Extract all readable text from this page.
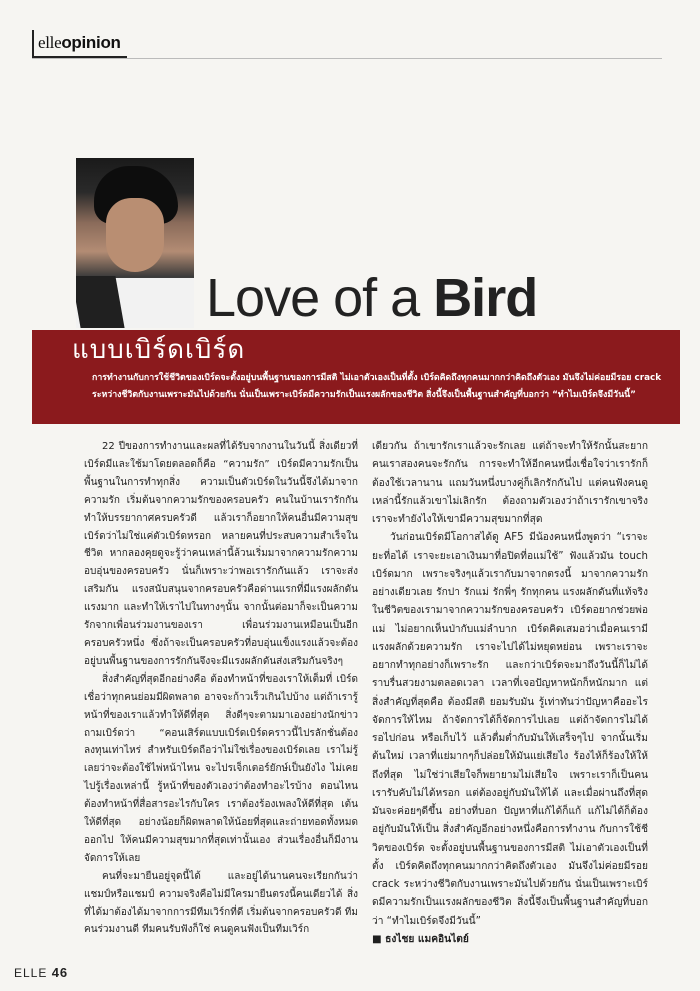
elleopinion
Love of a Bird
แบบเบิร์ดเบิร์ด
การทำงานกับการใช้ชีวิตของเบิร์ดจะตั้งอยู่บนพื้นฐานของการมีสติ ไม่เอาตัวเองเป็นที่ตั้ง เบิร์ดคิดถึงทุกคนมากกว่าคิดถึงตัวเอง มันจึงไม่ค่อยมีรอย crack ระหว่างชีวิตกับงานเพราะมันไปด้วยกัน นั่นเป็นเพราะเบิร์ดมีความรักเป็นแรงผลักของชีวิต สิ่งนี้จึงเป็นพื้นฐานสำคัญที่บอกว่า “ทำไมเบิร์ดจึงมีวันนี้”

22 ปีของการทำงานและผลที่ได้รับจากงานในวันนี้ สิ่งเดียวที่เบิร์ดมีและใช้มาโดยตลอดก็คือ “ความรัก” เบิร์ดมีความรักเป็นพื้นฐานในการทำทุกสิ่ง ความเป็นตัวเบิร์ดในวันนี้จึงได้มาจากความรัก เริ่มต้นจากความรักของครอบครัว คนในบ้านเรารักกันทำให้บรรยากาศครบครัวดี แล้วเราก็อยากให้คนอื่นมีความสุข เบิร์ดว่าไม่ใช่แค่ตัวเบิร์ดหรอก หลายคนที่ประสบความสำเร็จในชีวิต หากลองคุยดูจะรู้ว่าคนเหล่านี้ล้วนเริ่มมาจากความรักความอบอุ่นของครอบครัว นั่นก็เพราะว่าพอเรารักกันแล้ว เราจะส่งเสริมกัน แรงสนับสนุนจากครอบครัวคือด่านแรกที่มีแรงผลักดันแรงมาก และทำให้เราไปในทางๆนั้น จากนั้นต่อมาก็จะเป็นความรักจากเพื่อนร่วมงานของเรา เพื่อนร่วมงานเหมือนเป็นอีกครอบครัวหนึ่ง ซึ่งถ้าจะเป็นครอบครัวที่อบอุ่นแข็งแรงแล้วจะต้องอยู่บนพื้นฐานของการรักกันจึงจะมีแรงผลักดันส่งเสริมกันจริงๆ

สิ่งสำคัญที่สุดอีกอย่างคือ ต้องทำหน้าที่ของเราให้เต็มที่ เบิร์ดเชื่อว่าทุกคนย่อมมีผิดพลาด อาจจะก้าวเร็วเกินไปบ้าง แต่ถ้าเรารู้หน้าที่ของเราแล้วทำให้ดีที่สุด สิ่งดีๆจะตามมาเองอย่างนักข่าวถามเบิร์ดว่า “คอนเสิร์ตแบบเบิร์ดเบิร์ดคราวนี้ไปรลักชั่นต้องลงทุนเท่าไหร่ สำหรับเบิร์ดถือว่าไม่ใช่เรื่องของเบิร์ดเลย เราไม่รู้เลยว่าจะต้องใช้ไพ่หน้าไหน จะไปรเจ็กเตอร์ยักษ์เป็นยังไง ไม่เคยไปรู้เรื่องเหล่านี้ รู้หน้าที่ของตัวเองว่าต้องทำอะไรบ้าง ตอนไหนต้องทำหน้าที่สื่อสารอะไรกับใคร เราต้องร้องเพลงให้ดีที่สุด เต้นให้ดีที่สุด อย่างน้อยก็ผิดพลาดให้น้อยที่สุดและถ่ายทอดทั้งหมดออกไป ให้คนมีความสุขมากที่สุดเท่านั้นเอง ส่วนเรื่องอื่นก็มีงานจัดการให้เลย

คนที่จะมายืนอยู่จุดนี้ได้ และอยู่ได้นานคนจะเรียกกันว่าแชมป์หรือแชมป์ ความจริงคือไม่มีใครมายืนตรงนี้คนเดียวได้ สิ่งที่ได้มาต้องได้มาจากการมีทีมเวิร์กที่ดี เริ่มต้นจากครอบครัวดี ทีมคนร่วมงานดี ทีมคนรับฟังก็ใช่ คนดูคนฟังเป็นทีมเวิร์ก

เดียวกัน ถ้าเขารักเราแล้วจะรักเลย แต่ถ้าจะทำให้รักนั้นสะยาก คนเราสองคนจะรักกัน การจะทำให้อีกคนหนึ่งเชื่อใจว่าเรารักก็ต้องใช้เวลานาน แถมวันหนึ่งบางคู่ก็เลิกรักกันไป แต่คนฟังคนดูเหล่านี้รักแล้วเขาไม่เลิกรัก ต้องถามตัวเองว่าถ้าเรารักเขาจริง เราจะทำยังไงให้เขามีความสุขมากที่สุด

วันก่อนเบิร์ดมีโอกาสได้ดู AF5 มีน้องคนหนึ่งพูดว่า “เราจะยะที่อได้ เราจะยะเอาเงินมาที่อปิดที่อแม่ใช้” ฟังแล้วมัน touch เบิร์ดมาก เพราะจริงๆแล้วเรากับมาจากตรงนี้ มาจากความรักอย่างเดียวเลย รักปา รักแม่ รักพี่ๆ รักทุกคน แรงผลักดันที่แท้จริงในชีวิตของเรามาจากความรักของครอบครัว เบิร์ดอยากช่วยพ่อแม่ ไม่อยากเห็นป่ากับแม่ลำบาก เบิร์ดคิดเสมอว่าเมื่อคนเรามีแรงผลักด้วยความรัก เราจะไปได้ไม่หยุดหย่อน เพราะเราจะอยากทำทุกอย่างก็เพราะรัก และกว่าเบิร์ดจะมาถึงวันนี้ก็ไม่ได้ราบรื่นสวยงามตลอดเวลา เวลาที่เจอปัญหาหนักก็หนักมาก แต่สิ่งสำคัญที่สุดคือ ต้องมีสติ ยอมรับมัน รู้เท่าทันว่าปัญหาคืออะไร จัดการให้ไหม ถ้าจัดการได้ก็จัดการไปเลย แต่ถ้าจัดการไม่ได้ รอไปก่อน หรือเก็บไว้ แล้วตื่มต่ำกับมันให้เสร็จๆไป จากนั้นเริ่มต้นใหม่ เวลาที่แย่มากๆก็ปล่อยให้มันแย่เสียไง ร้องไห้ก็ร้องให้ให้ถึงที่สุด ไม่ใช่ว่าเสียใจก็พยายามไม่เสียใจ เพราะเราก็เป็นคน เรารับคับไม่ได้หรอก แต่ต้องอยู่กับมันให้ได้ และเมื่อผ่านถึงที่สุดมันจะค่อยๆดีขึ้น อย่างที่บอก ปัญหาที่แก้ได้ก็แก้ แก้ไม่ได้ก็ต้องอยู่กับมันให้เป็น สิ่งสำคัญอีกอย่างหนึ่งคือการทำงาน กับการใช้ชีวิตของเบิร์ด จะตั้งอยู่บนพื้นฐานของการมีสติ ไม่เอาตัวเองเป็นที่ตั้ง เบิร์ดคิดถึงทุกคนมากกว่าคิดถึงตัวเอง มันจึงไม่ค่อยมีรอย crack ระหว่างชีวิตกับงานเพราะมันไปด้วยกัน นั่นเป็นเพราะเบิร์ดมีความรักเป็นแรงผลักของชีวิต สิ่งนี้จึงเป็นพื้นฐานสำคัญที่บอกว่า “ทำไมเบิร์ดจึงมีวันนี้”

■ ธงไชย แมคอินไตย์

ELLE 46
